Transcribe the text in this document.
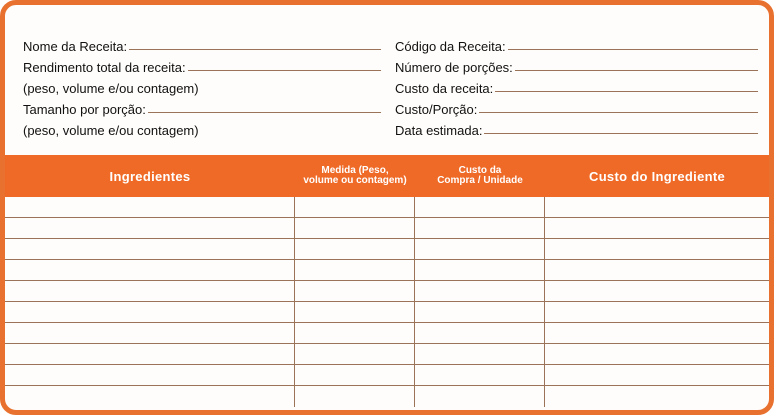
Nome da Receita:
Rendimento total da receita:
(peso, volume e/ou contagem)
Tamanho por porção:
(peso, volume e/ou contagem)
Código da Receita:
Número de porções:
Custo da receita:
Custo/Porção:
Data estimada:
Ingredientes	Medida (Peso,
volume ou contagem)
Custo da
Compra / Unidade	Custo do Ingrediente
